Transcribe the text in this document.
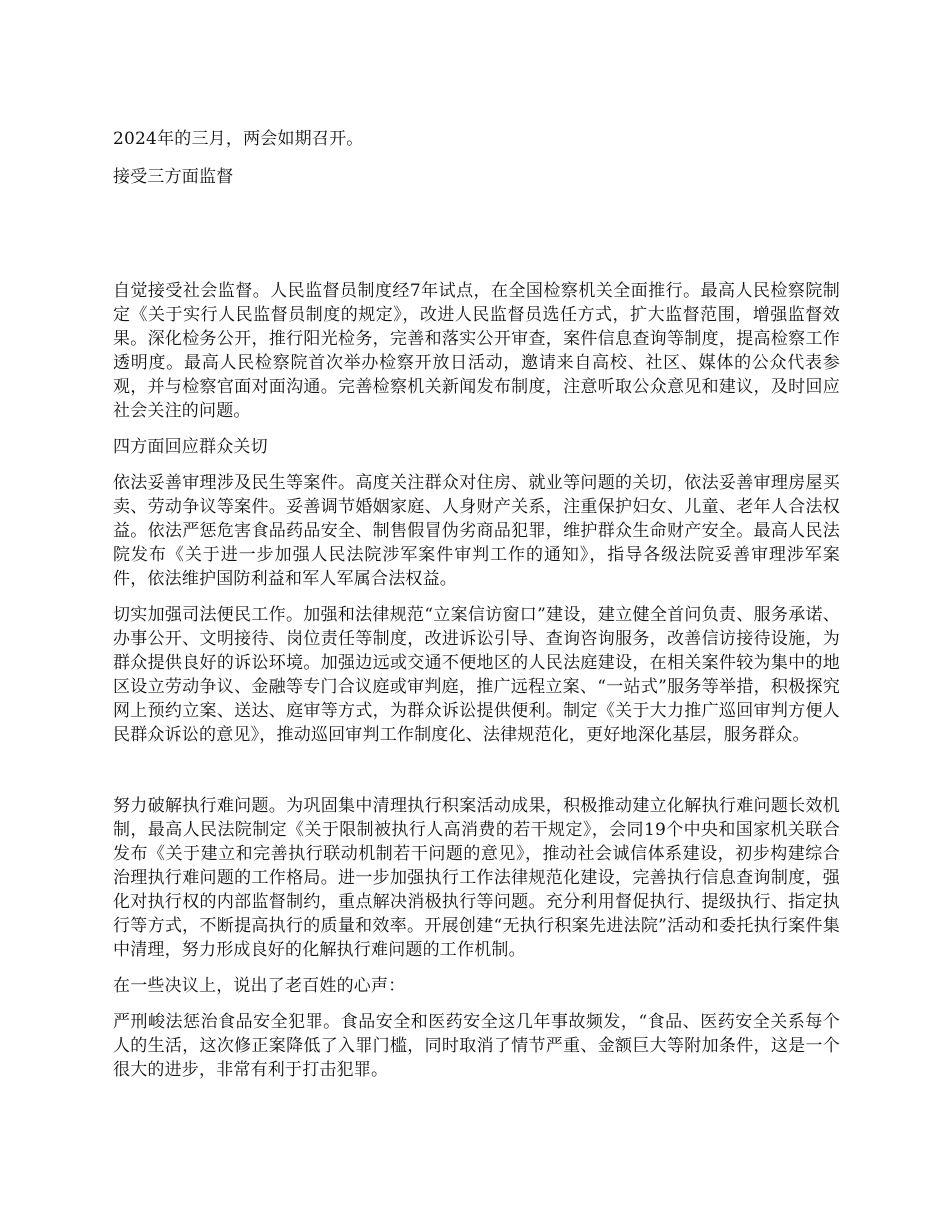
2024年的三月，两会如期召开。

接受三方面监督

自觉接受社会监督。人民监督员制度经7年试点，在全国检察机关全面推行。最高人民检察院制定《关于实行人民监督员制度的规定》，改进人民监督员选任方式，扩大监督范围，增强监督效果。深化检务公开，推行阳光检务，完善和落实公开审查，案件信息查询等制度，提高检察工作透明度。最高人民检察院首次举办检察开放日活动，邀请来自高校、社区、媒体的公众代表参观，并与检察官面对面沟通。完善检察机关新闻发布制度，注意听取公众意见和建议，及时回应社会关注的问题。

四方面回应群众关切

依法妥善审理涉及民生等案件。高度关注群众对住房、就业等问题的关切，依法妥善审理房屋买卖、劳动争议等案件。妥善调节婚姻家庭、人身财产关系，注重保护妇女、儿童、老年人合法权益。依法严惩危害食品药品安全、制售假冒伪劣商品犯罪，维护群众生命财产安全。最高人民法院发布《关于进一步加强人民法院涉军案件审判工作的通知》，指导各级法院妥善审理涉军案件，依法维护国防利益和军人军属合法权益。

切实加强司法便民工作。加强和法律规范“立案信访窗口”建设，建立健全首问负责、服务承诺、办事公开、文明接待、岗位责任等制度，改进诉讼引导、查询咨询服务，改善信访接待设施，为群众提供良好的诉讼环境。加强边远或交通不便地区的人民法庭建设，在相关案件较为集中的地区设立劳动争议、金融等专门合议庭或审判庭，推广远程立案、“一站式”服务等举措，积极探究网上预约立案、送达、庭审等方式，为群众诉讼提供便利。制定《关于大力推广巡回审判方便人民群众诉讼的意见》，推动巡回审判工作制度化、法律规范化，更好地深化基层，服务群众。

努力破解执行难问题。为巩固集中清理执行积案活动成果，积极推动建立化解执行难问题长效机制，最高人民法院制定《关于限制被执行人高消费的若干规定》，会同19个中央和国家机关联合发布《关于建立和完善执行联动机制若干问题的意见》，推动社会诚信体系建设，初步构建综合治理执行难问题的工作格局。进一步加强执行工作法律规范化建设，完善执行信息查询制度，强化对执行权的内部监督制约，重点解决消极执行等问题。充分利用督促执行、提级执行、指定执行等方式，不断提高执行的质量和效率。开展创建“无执行积案先进法院”活动和委托执行案件集中清理，努力形成良好的化解执行难问题的工作机制。

在一些决议上，说出了老百姓的心声：

严刑峻法惩治食品安全犯罪。食品安全和医药安全这几年事故频发，“食品、医药安全关系每个人的生活，这次修正案降低了入罪门槛，同时取消了情节严重、金额巨大等附加条件，这是一个很大的进步，非常有利于打击犯罪。
